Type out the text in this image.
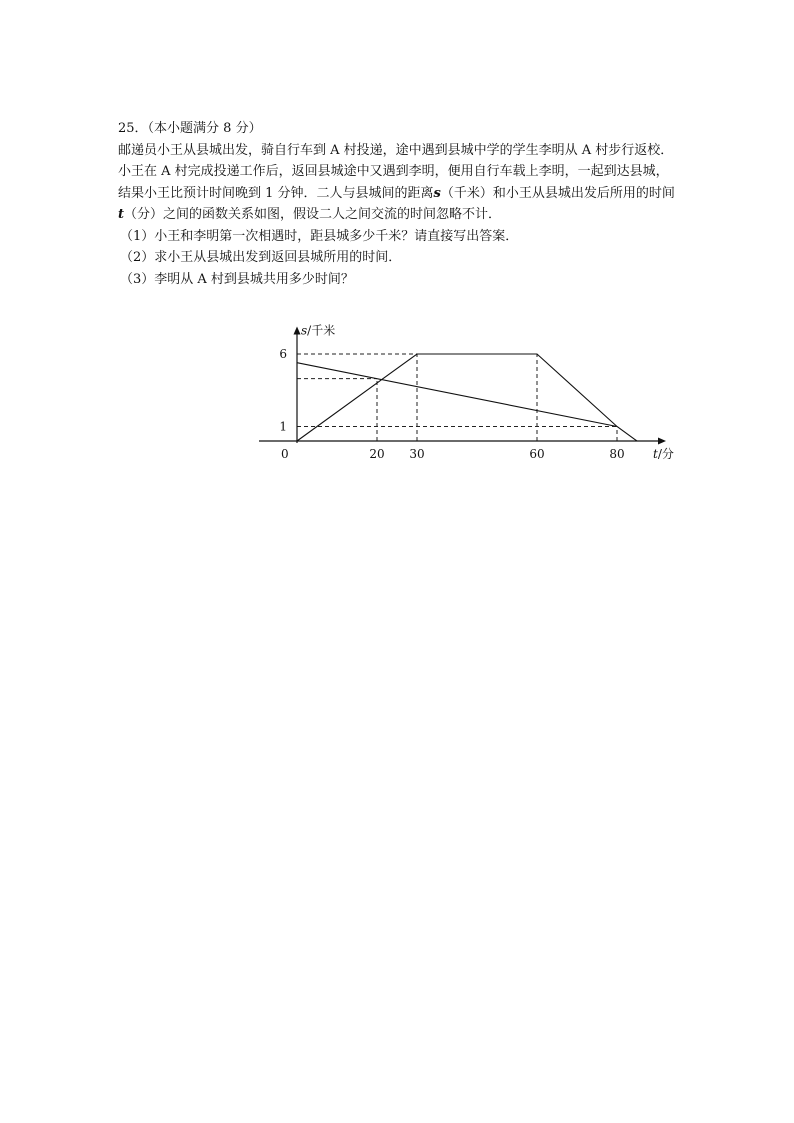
25．（本小题满分 8 分）

邮递员小王从县城出发，骑自行车到 A 村投递，途中遇到县城中学的学生李明从 A 村步行返校．小王在 A 村完成投递工作后，返回县城途中又遇到李明，便用自行车载上李明，一起到达县城，结果小王比预计时间晚到 1 分钟．二人与县城间的距离s（千米）和小王从县城出发后所用的时间t（分）之间的函数关系如图，假设二人之间交流的时间忽略不计．

（1）小王和李明第一次相遇时，距县城多少千米？请直接写出答案．
（2）求小王从县城出发到返回县城所用的时间．
（3）李明从 A 村到县城共用多少时间？
0	20 30	60	80
1
6
s/千米
t/分
